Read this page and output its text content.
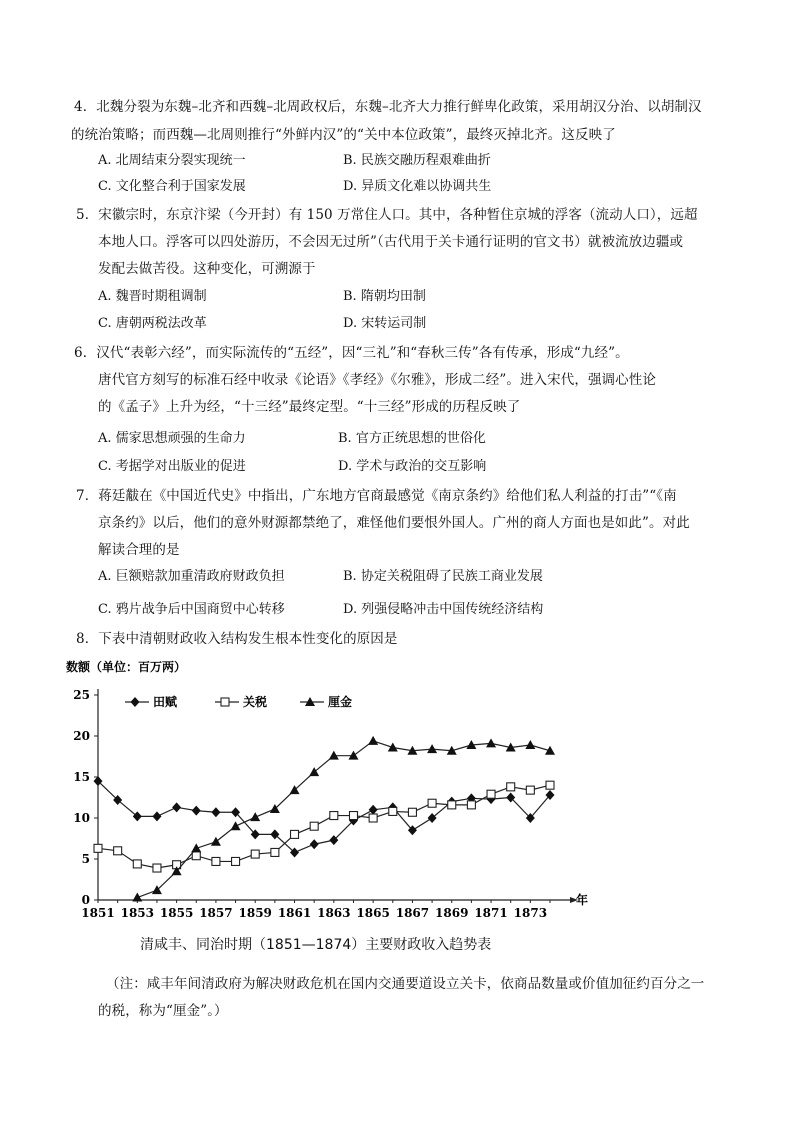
4．北魏分裂为东魏–北齐和西魏–北周政权后，东魏–北齐大力推行鲜卑化政策，采用胡汉分治、以胡制汉
的统治策略；而西魏—北周则推行“外鲜内汉”的“关中本位政策”，最终灭掉北齐。这反映了
A. 北周结束分裂实现统一	B. 民族交融历程艰难曲折
C. 文化整合利于国家发展	D. 异质文化难以协调共生
5．宋徽宗时，东京汴梁（今开封）有 150 万常住人口。其中，各种暂住京城的浮客（流动人口），远超
本地人口。浮客可以四处游历，不会因无过所”（古代用于关卡通行证明的官文书）就被流放边疆或
发配去做苦役。这种变化，可溯源于
A. 魏晋时期租调制	B. 隋朝均田制
C. 唐朝两税法改革	D. 宋转运司制
6．汉代“表彰六经”，而实际流传的“五经”，因“三礼”和“春秋三传”各有传承，形成“九经”。
唐代官方刻写的标准石经中收录《论语》《孝经》《尔雅》，形成二经”。进入宋代，强调心性论
的《孟子》上升为经，“十三经”最终定型。“十三经”形成的历程反映了
A. 儒家思想顽强的生命力	B. 官方正统思想的世俗化
C. 考据学对出版业的促进	D. 学术与政治的交互影响
7．蒋廷黻在《中国近代史》中指出，广东地方官商最感觉《南京条约》给他们私人利益的打击”“《南
京条约》以后，他们的意外财源都禁绝了，难怪他们要恨外国人。广州的商人方面也是如此”。对此
解读合理的是
A. 巨额赔款加重清政府财政负担	B. 协定关税阻碍了民族工商业发展
C. 鸦片战争后中国商贸中心转移	D. 列强侵略冲击中国传统经济结构
8．下表中清朝财政收入结构发生根本性变化的原因是
0
5
10
15
20
25
1851 1853 1855 1857 1859 1861 1863 1865 1867 1869 1871 1873
田赋	关税	厘金
数额（单位：百万两）
年
清咸丰、同治时期（1851—1874）主要财政收入趋势表
（注：咸丰年间清政府为解决财政危机在国内交通要道设立关卡，依商品数量或价值加征约百分之一
的税，称为“厘金”。）
